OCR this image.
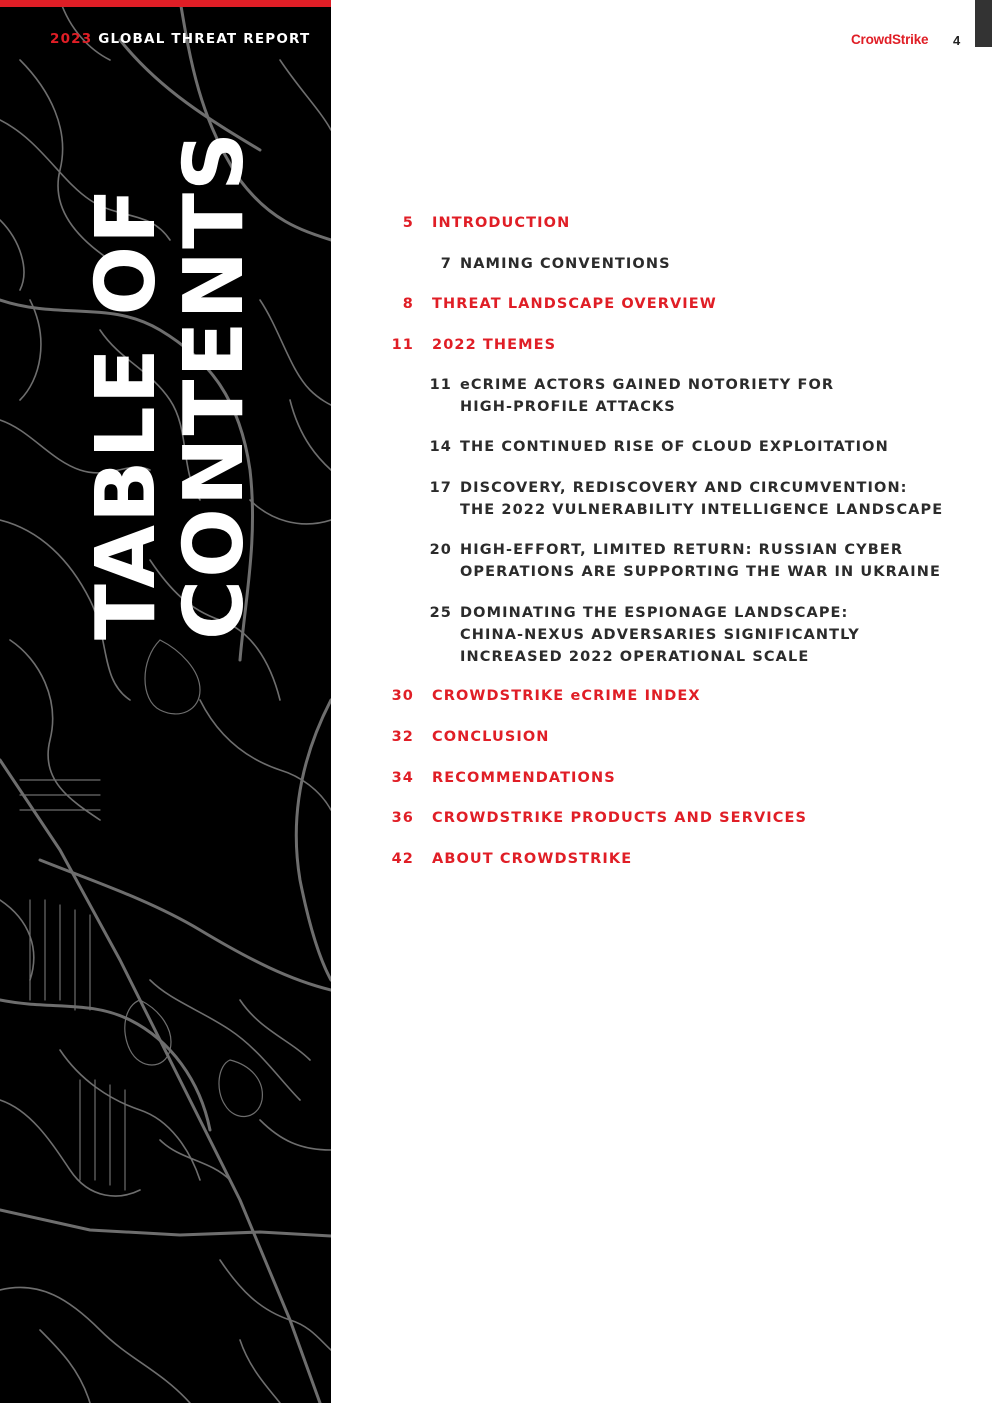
2023 GLOBAL THREAT REPORT
TABLE OF
CONTENTS
CrowdStrike 4
5 INTRODUCTION
7 NAMING CONVENTIONS
8 THREAT LANDSCAPE OVERVIEW
11 2022 THEMES
11 eCRIME ACTORS GAINED NOTORIETY FOR
HIGH-PROFILE ATTACKS
14 THE CONTINUED RISE OF CLOUD EXPLOITATION
17 DISCOVERY, REDISCOVERY AND CIRCUMVENTION:
THE 2022 VULNERABILITY INTELLIGENCE LANDSCAPE
20 HIGH-EFFORT, LIMITED RETURN: RUSSIAN CYBER
OPERATIONS ARE SUPPORTING THE WAR IN UKRAINE
25 DOMINATING THE ESPIONAGE LANDSCAPE:
CHINA-NEXUS ADVERSARIES SIGNIFICANTLY
INCREASED 2022 OPERATIONAL SCALE
30 CROWDSTRIKE eCRIME INDEX
32 CONCLUSION
34 RECOMMENDATIONS
36 CROWDSTRIKE PRODUCTS AND SERVICES
42 ABOUT CROWDSTRIKE
